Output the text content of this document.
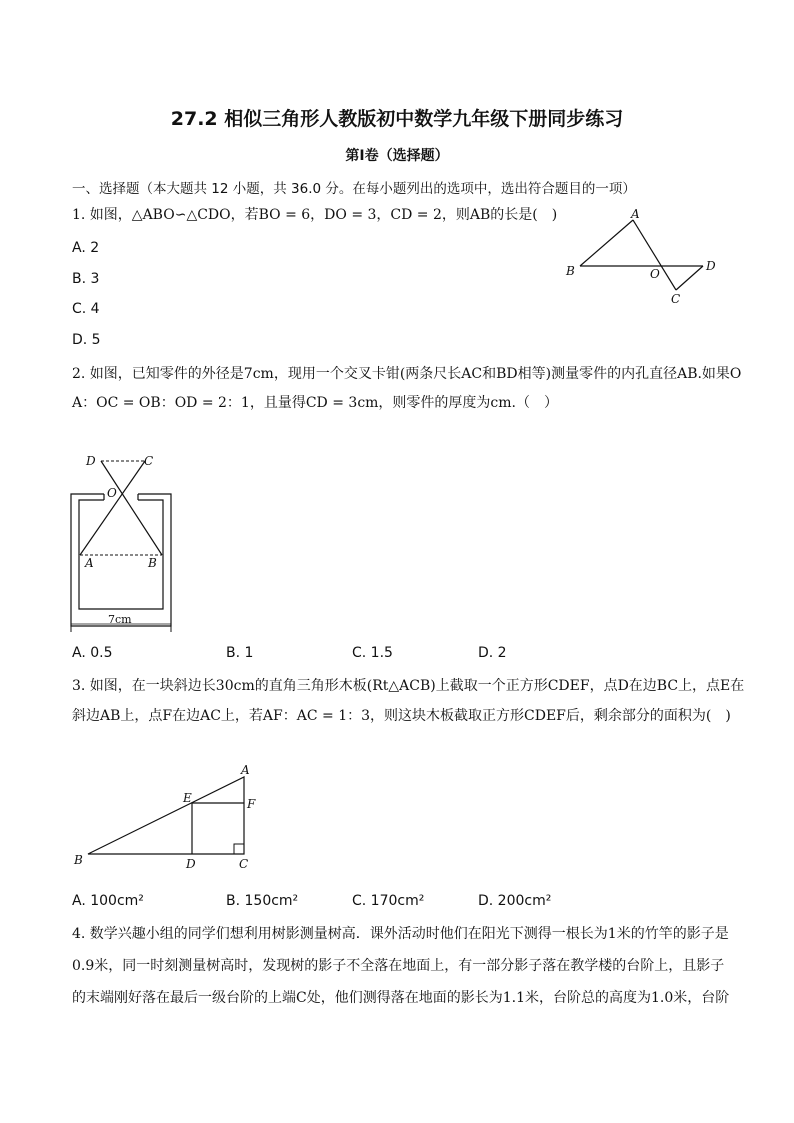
27.2 相似三角形人教版初中数学九年级下册同步练习
第I卷（选择题）
一、选择题（本大题共 12 小题，共 36.0 分。在每小题列出的选项中，选出符合题目的一项）
1. 如图，△ABO∽△CDO，若BO = 6，DO = 3，CD = 2，则AB的长是(　)
A. 2
B. 3
C. 4
D. 5
A
B	O
D
C
2. 如图，已知零件的外径是7cm，现用一个交叉卡钳(两条尺长AC和BD相等)测量零件的内孔直径AB.如果O
A：OC = OB：OD = 2：1，且量得CD = 3cm，则零件的厚度为cm.（　）
D	C
O
A	B
7cm
A. 0.5	B. 1	C. 1.5	D. 2
3. 如图，在一块斜边长30cm的直角三角形木板(Rt△ACB)上截取一个正方形CDEF，点D在边BC上，点E在
斜边AB上，点F在边AC上，若AF：AC = 1：3，则这块木板截取正方形CDEF后，剩余部分的面积为(　)
A
E	F
B	D	C
A. 100cm²	B. 150cm²	C. 170cm²	D. 200cm²
4. 数学兴趣小组的同学们想利用树影测量树高．课外活动时他们在阳光下测得一根长为1米的竹竿的影子是
0.9米，同一时刻测量树高时，发现树的影子不全落在地面上，有一部分影子落在教学楼的台阶上，且影子
的末端刚好落在最后一级台阶的上端C处，他们测得落在地面的影长为1.1米，台阶总的高度为1.0米，台阶
